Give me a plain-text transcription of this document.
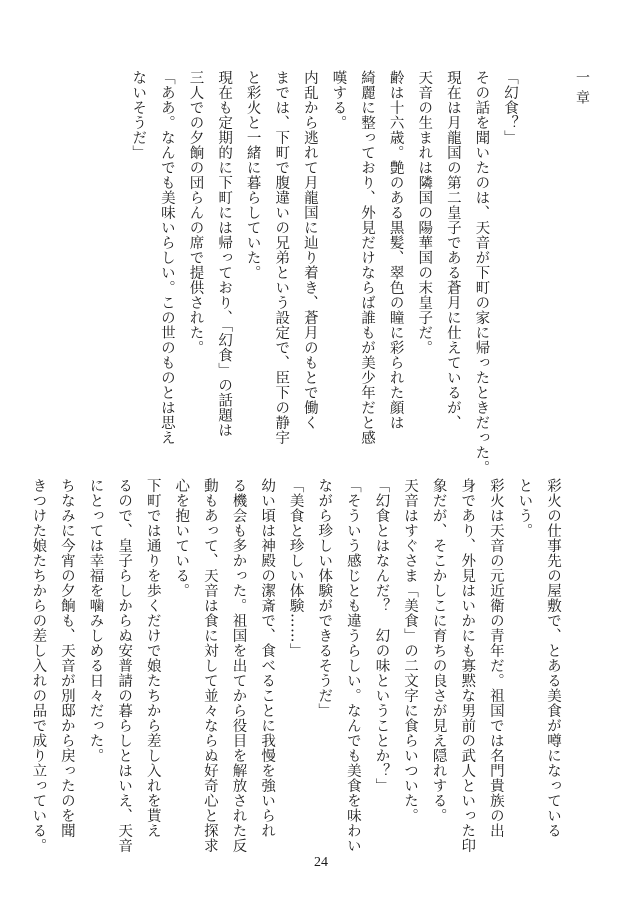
一章
「幻食？」
その話を聞いたのは、天音が下町の家に帰ったときだった。
現在は月龍国の第二皇子である蒼月に仕えているが、
天音の生まれは隣国の陽華国の末皇子だ。
齢は十六歳。艶のある黒髪、翠色の瞳に彩られた顔は
綺麗に整っており、外見だけならば誰もが美少年だと感
嘆する。
内乱から逃れて月龍国に辿り着き、蒼月のもとで働く
までは、下町で腹違いの兄弟という設定で、臣下の静宇
と彩火と一緒に暮らしていた。
現在も定期的に下町には帰っており、「幻食」の話題は
三人での夕餉の団らんの席で提供された。
「ああ。なんでも美味いらしい。この世のものとは思え
ないそうだ」
彩火の仕事先の屋敷で、とある美食が噂になっている
という。
彩火は天音の元近衛の青年だ。祖国では名門貴族の出
身であり、外見はいかにも寡黙な男前の武人といった印
象だが、そこかしこに育ちの良さが見え隠れする。
天音はすぐさま「美食」の二文字に食らいついた。
「幻食とはなんだ？　幻の味ということか？」
「そういう感じとも違うらしい。なんでも美食を味わい
ながら珍しい体験ができるそうだ」
「美食と珍しい体験……」
幼い頃は神殿の潔斎で、食べることに我慢を強いられ
る機会も多かった。祖国を出てから役目を解放された反
動もあって、天音は食に対して並々ならぬ好奇心と探求
心を抱いている。
下町では通りを歩くだけで娘たちから差し入れを貰え
るので、皇子らしからぬ安普請の暮らしとはいえ、天音
にとっては幸福を噛みしめる日々だった。
ちなみに今宵の夕餉も、天音が別邸から戻ったのを聞
きつけた娘たちからの差し入れの品で成り立っている。
24
